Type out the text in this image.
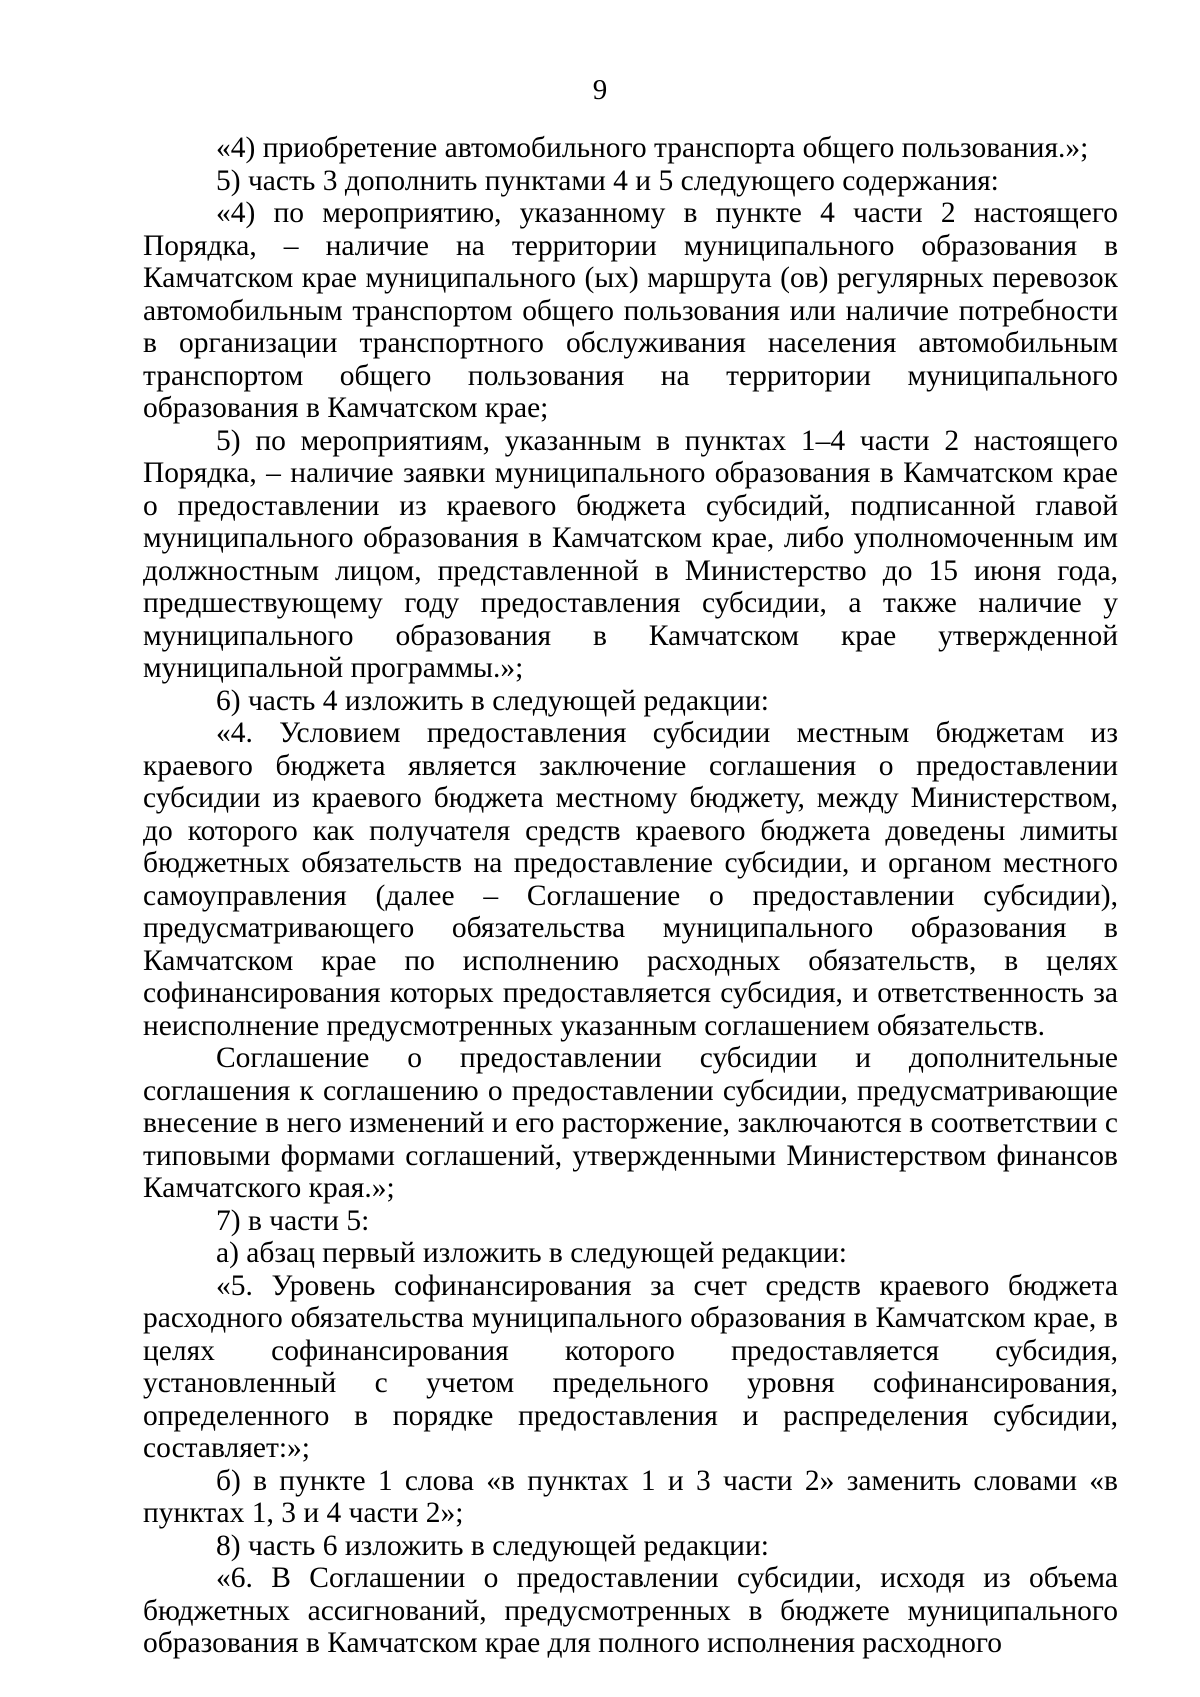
9

«4) приобретение автомобильного транспорта общего пользования.»;

5) часть 3 дополнить пунктами 4 и 5 следующего содержания:

«4) по мероприятию, указанному в пункте 4 части 2 настоящего Порядка, – наличие на территории муниципального образования в Камчатском крае муниципального (ых) маршрута (ов) регулярных перевозок автомобильным транспортом общего пользования или наличие потребности в организации транспортного обслуживания населения автомобильным транспортом общего пользования на территории муниципального образования в Камчатском крае;

5) по мероприятиям, указанным в пунктах 1–4 части 2 настоящего Порядка, – наличие заявки муниципального образования в Камчатском крае о предоставлении из краевого бюджета субсидий, подписанной главой муниципального образования в Камчатском крае, либо уполномоченным им должностным лицом, представленной в Министерство до 15 июня года, предшествующему году предоставления субсидии, а также наличие у муниципального образования в Камчатском крае утвержденной муниципальной программы.»;

6) часть 4 изложить в следующей редакции:

«4. Условием предоставления субсидии местным бюджетам из краевого бюджета является заключение соглашения о предоставлении субсидии из краевого бюджета местному бюджету, между Министерством, до которого как получателя средств краевого бюджета доведены лимиты бюджетных обязательств на предоставление субсидии, и органом местного самоуправления (далее – Соглашение о предоставлении субсидии), предусматривающего обязательства муниципального образования в Камчатском крае по исполнению расходных обязательств, в целях софинансирования которых предоставляется субсидия, и ответственность за неисполнение предусмотренных указанным соглашением обязательств.

Соглашение о предоставлении субсидии и дополнительные соглашения к соглашению о предоставлении субсидии, предусматривающие внесение в него изменений и его расторжение, заключаются в соответствии с типовыми формами соглашений, утвержденными Министерством финансов Камчатского края.»;

7) в части 5:

а) абзац первый изложить в следующей редакции:

«5. Уровень софинансирования за счет средств краевого бюджета расходного обязательства муниципального образования в Камчатском крае, в целях софинансирования которого предоставляется субсидия, установленный с учетом предельного уровня софинансирования, определенного в порядке предоставления и распределения субсидии, составляет:»;

б) в пункте 1 слова «в пунктах 1 и 3 части 2» заменить словами «в пунктах 1, 3 и 4 части 2»;

8) часть 6 изложить в следующей редакции:

«6. В Соглашении о предоставлении субсидии, исходя из объема бюджетных ассигнований, предусмотренных в бюджете муниципального образования в Камчатском крае для полного исполнения расходного
